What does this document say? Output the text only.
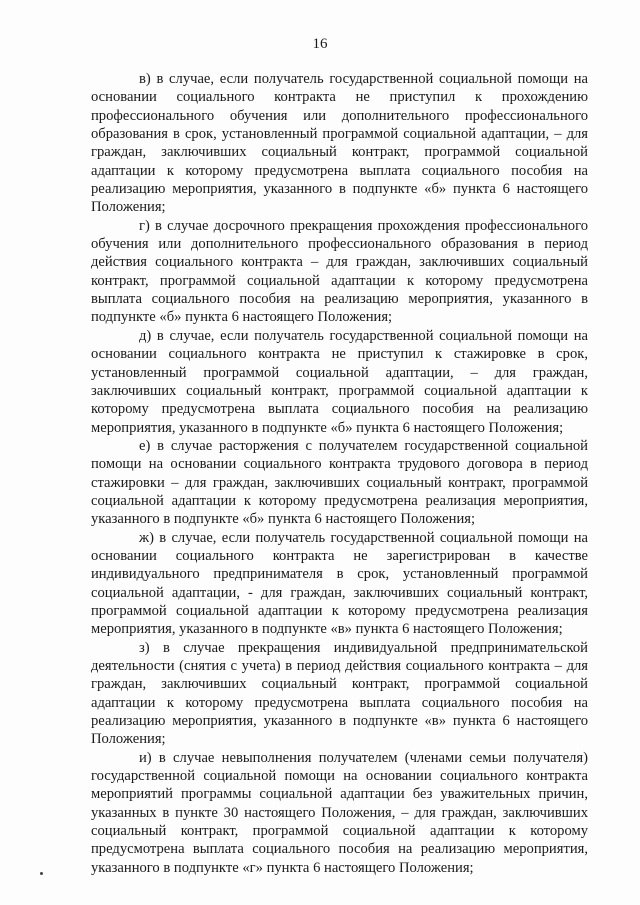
16

в) в случае, если получатель государственной социальной помощи на основании социального контракта не приступил к прохождению профессионального обучения или дополнительного профессионального образования в срок, установленный программой социальной адаптации, – для граждан, заключивших социальный контракт, программой социальной адаптации к которому предусмотрена выплата социального пособия на реализацию мероприятия, указанного в подпункте «б» пункта 6 настоящего Положения;

г) в случае досрочного прекращения прохождения профессионального обучения или дополнительного профессионального образования в период действия социального контракта – для граждан, заключивших социальный контракт, программой социальной адаптации к которому предусмотрена выплата социального пособия на реализацию мероприятия, указанного в подпункте «б» пункта 6 настоящего Положения;

д) в случае, если получатель государственной социальной помощи на основании социального контракта не приступил к стажировке в срок, установленный программой социальной адаптации, – для граждан, заключивших социальный контракт, программой социальной адаптации к которому предусмотрена выплата социального пособия на реализацию мероприятия, указанного в подпункте «б» пункта 6 настоящего Положения;

е) в случае расторжения с получателем государственной социальной помощи на основании социального контракта трудового договора в период стажировки – для граждан, заключивших социальный контракт, программой социальной адаптации к которому предусмотрена реализация мероприятия, указанного в подпункте «б» пункта 6 настоящего Положения;

ж) в случае, если получатель государственной социальной помощи на основании социального контракта не зарегистрирован в качестве индивидуального предпринимателя в срок, установленный программой социальной адаптации, - для граждан, заключивших социальный контракт, программой социальной адаптации к которому предусмотрена реализация мероприятия, указанного в подпункте «в» пункта 6 настоящего Положения;

з) в случае прекращения индивидуальной предпринимательской деятельности (снятия с учета) в период действия социального контракта – для граждан, заключивших социальный контракт, программой социальной адаптации к которому предусмотрена выплата социального пособия на реализацию мероприятия, указанного в подпункте «в» пункта 6 настоящего Положения;

и) в случае невыполнения получателем (членами семьи получателя) государственной социальной помощи на основании социального контракта мероприятий программы социальной адаптации без уважительных причин, указанных в пункте 30 настоящего Положения, – для граждан, заключивших социальный контракт, программой социальной адаптации к которому предусмотрена выплата социального пособия на реализацию мероприятия, указанного в подпункте «г» пункта 6 настоящего Положения;
